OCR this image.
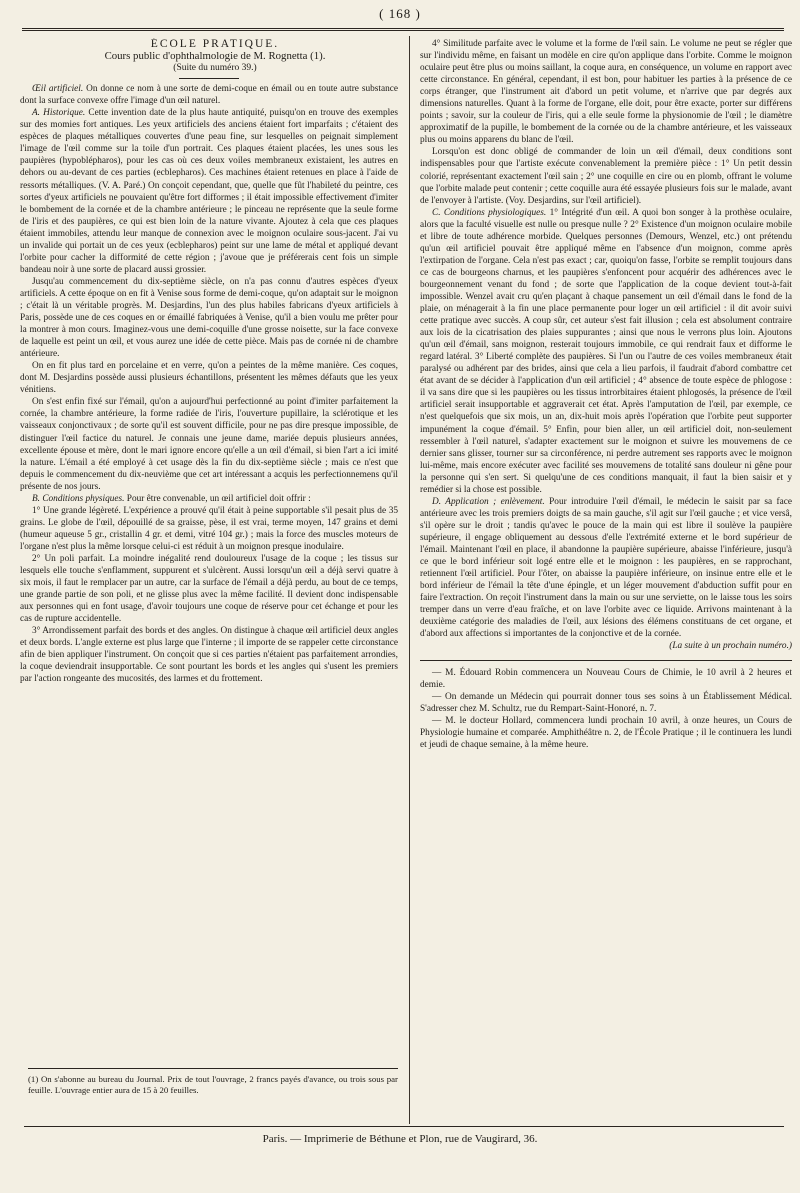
( 168 )

ÉCOLE PRATIQUE.

Cours public d'ophthalmologie de M. Rognetta (1).

(Suite du numéro 39.)

Œil artificiel. On donne ce nom à une sorte de demi-coque en émail ou en toute autre substance dont la surface convexe offre l'image d'un œil naturel.

A. Historique. Cette invention date de la plus haute antiquité, puisqu'on en trouve des exemples sur des momies fort antiques. Les yeux artificiels des anciens étaient fort imparfaits ; c'étaient des espèces de plaques métalliques couvertes d'une peau fine, sur lesquelles on peignait simplement l'image de l'œil comme sur la toile d'un portrait. Ces plaques étaient placées, les unes sous les paupières (hypoblépharos), pour les cas où ces deux voiles membraneux existaient, les autres en dehors ou au-devant de ces parties (ecblepharos). Ces machines étaient retenues en place à l'aide de ressorts métalliques. (V. A. Paré.) On conçoit cependant, que, quelle que fût l'habileté du peintre, ces sortes d'yeux artificiels ne pouvaient qu'être fort difformes ; il était impossible effectivement d'imiter le bombement de la cornée et de la chambre antérieure ; le pinceau ne représente que la seule forme de l'iris et des paupières, ce qui est bien loin de la nature vivante. Ajoutez à cela que ces plaques étaient immobiles, attendu leur manque de connexion avec le moignon oculaire sous-jacent. J'ai vu un invalide qui portait un de ces yeux (ecblepharos) peint sur une lame de métal et appliqué devant l'orbite pour cacher la difformité de cette région ; j'avoue que je préférerais cent fois un simple bandeau noir à une sorte de placard aussi grossier.

Jusqu'au commencement du dix-septième siècle, on n'a pas connu d'autres espèces d'yeux artificiels. A cette époque on en fit à Venise sous forme de demi-coque, qu'on adaptait sur le moignon ; c'était là un véritable progrès. M. Desjardins, l'un des plus habiles fabricans d'yeux artificiels à Paris, possède une de ces coques en or émaillé fabriquées à Venise, qu'il a bien voulu me prêter pour la montrer à mon cours. Imaginez-vous une demi-coquille d'une grosse noisette, sur la face convexe de laquelle est peint un œil, et vous aurez une idée de cette pièce. Mais pas de cornée ni de chambre antérieure.

On en fit plus tard en porcelaine et en verre, qu'on a peintes de la même manière. Ces coques, dont M. Desjardins possède aussi plusieurs échantillons, présentent les mêmes défauts que les yeux vénitiens.

On s'est enfin fixé sur l'émail, qu'on a aujourd'hui perfectionné au point d'imiter parfaitement la cornée, la chambre antérieure, la forme radiée de l'iris, l'ouverture pupillaire, la sclérotique et les vaisseaux conjonctivaux ; de sorte qu'il est souvent difficile, pour ne pas dire presque impossible, de distinguer l'œil factice du naturel. Je connais une jeune dame, mariée depuis plusieurs années, excellente épouse et mère, dont le mari ignore encore qu'elle a un œil d'émail, si bien l'art a ici imité la nature. L'émail a été employé à cet usage dès la fin du dix-septième siècle ; mais ce n'est que depuis le commencement du dix-neuvième que cet art intéressant a acquis les perfectionnemens qu'il présente de nos jours.

B. Conditions physiques. Pour être convenable, un œil artificiel doit offrir :

1° Une grande légèreté. L'expérience a prouvé qu'il était à peine supportable s'il pesait plus de 35 grains. Le globe de l'œil, dépouillé de sa graisse, pèse, il est vrai, terme moyen, 147 grains et demi (humeur aqueuse 5 gr., cristallin 4 gr. et demi, vitré 104 gr.) ; mais la force des muscles moteurs de l'organe n'est plus la même lorsque celui-ci est réduit à un moignon presque inodulaire.

2° Un poli parfait. La moindre inégalité rend douloureux l'usage de la coque ; les tissus sur lesquels elle touche s'enflamment, suppurent et s'ulcèrent. Aussi lorsqu'un œil a déjà servi quatre à six mois, il faut le remplacer par un autre, car la surface de l'émail a déjà perdu, au bout de ce temps, une grande partie de son poli, et ne glisse plus avec la même facilité. Il devient donc indispensable aux personnes qui en font usage, d'avoir toujours une coque de réserve pour cet échange et pour les cas de rupture accidentelle.

3° Arrondissement parfait des bords et des angles. On distingue à chaque œil artificiel deux angles et deux bords. L'angle externe est plus large que l'interne ; il importe de se rappeler cette circonstance afin de bien appliquer l'instrument. On conçoit que si ces parties n'étaient pas parfaitement arrondies, la coque deviendrait insupportable. Ce sont pourtant les bords et les angles qui s'usent les premiers par l'action rongeante des mucosités, des larmes et du frottement.

(1) On s'abonne au bureau du Journal. Prix de tout l'ouvrage, 2 francs payés d'avance, ou trois sous par feuille. L'ouvrage entier aura de 15 à 20 feuilles.

4° Similitude parfaite avec le volume et la forme de l'œil sain. Le volume ne peut se régler que sur l'individu même, en faisant un modèle en cire qu'on applique dans l'orbite. Comme le moignon oculaire peut être plus ou moins saillant, la coque aura, en conséquence, un volume en rapport avec cette circonstance. En général, cependant, il est bon, pour habituer les parties à la présence de ce corps étranger, que l'instrument ait d'abord un petit volume, et n'arrive que par degrés aux dimensions naturelles. Quant à la forme de l'organe, elle doit, pour être exacte, porter sur différens points ; savoir, sur la couleur de l'iris, qui a elle seule forme la physionomie de l'œil ; le diamètre approximatif de la pupille, le bombement de la cornée ou de la chambre antérieure, et les vaisseaux plus ou moins apparens du blanc de l'œil.

Lorsqu'on est donc obligé de commander de loin un œil d'émail, deux conditions sont indispensables pour que l'artiste exécute convenablement la première pièce : 1° Un petit dessin colorié, représentant exactement l'œil sain ; 2° une coquille en cire ou en plomb, offrant le volume que l'orbite malade peut contenir ; cette coquille aura été essayée plusieurs fois sur le malade, avant de l'envoyer à l'artiste. (Voy. Desjardins, sur l'œil artificiel).

C. Conditions physiologiques. 1° Intégrité d'un œil. A quoi bon songer à la prothèse oculaire, alors que la faculté visuelle est nulle ou presque nulle ? 2° Existence d'un moignon oculaire mobile et libre de toute adhérence morbide. Quelques personnes (Demours, Wenzel, etc.) ont prétendu qu'un œil artificiel pouvait être appliqué même en l'absence d'un moignon, comme après l'extirpation de l'organe. Cela n'est pas exact ; car, quoiqu'on fasse, l'orbite se remplit toujours dans ce cas de bourgeons charnus, et les paupières s'enfoncent pour acquérir des adhérences avec le bourgeonnement venant du fond ; de sorte que l'application de la coque devient tout-à-fait impossible. Wenzel avait cru qu'en plaçant à chaque pansement un œil d'émail dans le fond de la plaie, on ménagerait à la fin une place permanente pour loger un œil artificiel : il dit avoir suivi cette pratique avec succès. A coup sûr, cet auteur s'est fait illusion ; cela est absolument contraire aux lois de la cicatrisation des plaies suppurantes ; ainsi que nous le verrons plus loin. Ajoutons qu'un œil d'émail, sans moignon, resterait toujours immobile, ce qui rendrait faux et difforme le regard latéral. 3° Liberté complète des paupières. Si l'un ou l'autre de ces voiles membraneux était paralysé ou adhérent par des brides, ainsi que cela a lieu parfois, il faudrait d'abord combattre cet état avant de se décider à l'application d'un œil artificiel ; 4° absence de toute espèce de phlogose : il va sans dire que si les paupières ou les tissus introrbitaires étaient phlogosés, la présence de l'œil artificiel serait insupportable et aggraverait cet état. Après l'amputation de l'œil, par exemple, ce n'est quelquefois que six mois, un an, dix-huit mois après l'opération que l'orbite peut supporter impunément la coque d'émail. 5° Enfin, pour bien aller, un œil artificiel doit, non-seulement ressembler à l'œil naturel, s'adapter exactement sur le moignon et suivre les mouvemens de ce dernier sans glisser, tourner sur sa circonférence, ni perdre autrement ses rapports avec le moignon lui-même, mais encore exécuter avec facilité ses mouvemens de totalité sans douleur ni gêne pour la personne qui s'en sert. Si quelqu'une de ces conditions manquait, il faut la bien saisir et y remédier si la chose est possible.

D. Application ; enlèvement. Pour introduire l'œil d'émail, le médecin le saisit par sa face antérieure avec les trois premiers doigts de sa main gauche, s'il agit sur l'œil gauche ; et vice versâ, s'il opère sur le droit ; tandis qu'avec le pouce de la main qui est libre il soulève la paupière supérieure, il engage obliquement au dessous d'elle l'extrémité externe et le bord supérieur de l'émail. Maintenant l'œil en place, il abandonne la paupière supérieure, abaisse l'inférieure, jusqu'à ce que le bord inférieur soit logé entre elle et le moignon : les paupières, en se rapprochant, retiennent l'œil artificiel. Pour l'ôter, on abaisse la paupière inférieure, on insinue entre elle et le bord inférieur de l'émail la tête d'une épingle, et un léger mouvement d'abduction suffit pour en faire l'extraction. On reçoit l'instrument dans la main ou sur une serviette, on le laisse tous les soirs tremper dans un verre d'eau fraîche, et on lave l'orbite avec ce liquide. Arrivons maintenant à la deuxième catégorie des maladies de l'œil, aux lésions des élémens constituans de cet organe, et d'abord aux affections si importantes de la conjonctive et de la cornée.

(La suite à un prochain numéro.)

— M. Édouard Robin commencera un Nouveau Cours de Chimie, le 10 avril à 2 heures et demie.

— On demande un Médecin qui pourrait donner tous ses soins à un Établissement Médical. S'adresser chez M. Schultz, rue du Rempart-Saint-Honoré, n. 7.

— M. le docteur Hollard, commencera lundi prochain 10 avril, à onze heures, un Cours de Physiologie humaine et comparée. Amphithéâtre n. 2, de l'École Pratique ; il le continuera les lundi et jeudi de chaque semaine, à la même heure.

Paris. — Imprimerie de Béthune et Plon, rue de Vaugirard, 36.
